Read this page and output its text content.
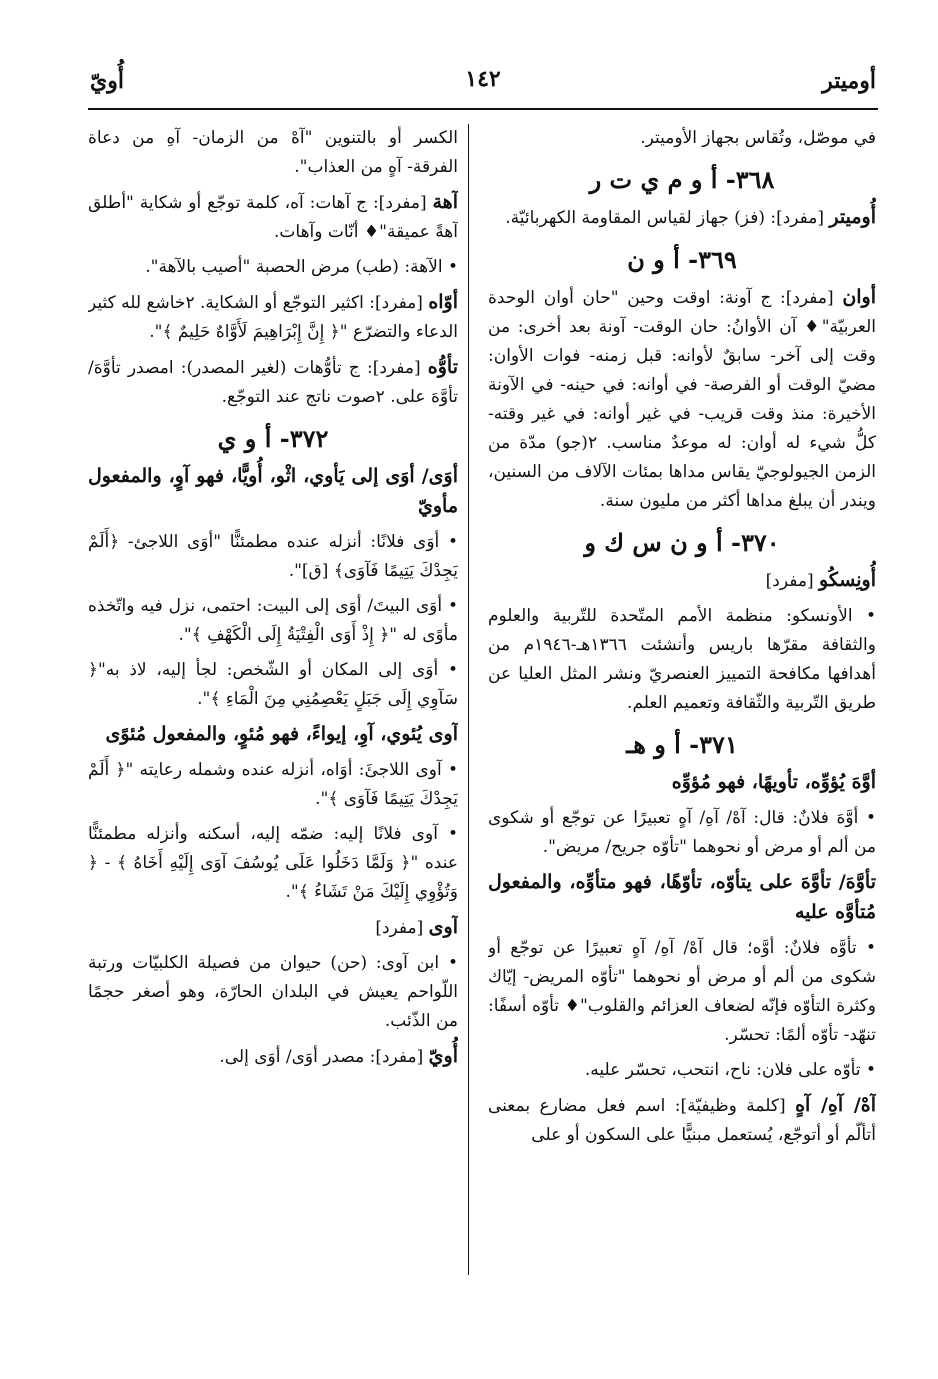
أوميتر
١٤٢
أُويّ
في موصّل، وتُقاس بجهاز الأوميتر.
٣٦٨- أ و م ي ت ر
أُوميتر [مفرد]: (فز) جهاز لقياس المقاومة الكهربائيّة.
٣٦٩- أ و ن
أوان [مفرد]: ج آونة: اوقت وحين "حان أوان الوحدة العربيّة"♦ آن الأوانُ: حان الوقت- آونة بعد أخرى: من وقت إلى آخر- سابقٌ لأوانه: قبل زمنه- فوات الأوان: مضيّ الوقت أو الفرصة- في أوانه: في حينه- في الآونة الأخيرة: منذ وقت قريب- في غير أوانه: في غير وقته- كلُّ شيء له أوان: له موعدٌ مناسب. ٢(جو) مدّة من الزمن الجيولوجيّ يقاس مداها بمئات الآلاف من السنين، ويندر أن يبلغ مداها أكثر من مليون سنة.
٣٧٠- أ و ن س ك و
أُونِسكُو [مفرد]
• الأونسكو: منظمة الأمم المتّحدة للتّربية والعلوم والثقافة مقرّها باريس وأنشئت ١٣٦٦هـ-١٩٤٦م من أهدافها مكافحة التمييز العنصريّ ونشر المثل العليا عن طريق التّربية والثّقافة وتعميم العلم.
٣٧١- أ و هـ
أوَّهَ يُؤوِّه، تأويهًا، فهو مُؤوِّه
• أوَّهَ فلانٌ: قال: آهْ/ آهِ/ آهٍ تعبيرًا عن توجّع أو شكوى من ألم أو مرض أو نحوهما "تأوّه جريح/ مريض".
تأوَّهَ/ تأوَّهَ على يتأوّه، تأوّهًا، فهو متأوِّه، والمفعول مُتأوَّه عليه
• تأوَّه فلانٌ: أوَّه؛ قال آهْ/ آهِ/ آهٍ تعبيرًا عن توجّع أو شكوى من ألم أو مرض أو نحوهما "تأوّه المريض- إيّاك وكثرة التأوّه فإنّه لضعاف العزائم والقلوب"♦ تأوّه أسفًا: تنهّد- تأوّه ألمًا: تحسّر.
• تأوّه على فلان: ناح، انتحب، تحسّر عليه.
آهْ/ آهِ/ آهٍ [كلمة وظيفيّة]: اسم فعل مضارع بمعنى أتألّم أو أتوجّع، يُستعمل مبنيًّا على السكون أو على
الكسر أو بالتنوين "آهْ من الزمان- آهِ من دعاة الفرقة- آهٍ من العذاب".
آهة [مفرد]: ج آهات: آه، كلمة توجّع أو شكاية "أطلق آهةً عميقة"♦ أنّات وآهات.
• الآهة: (طب) مرض الحصبة "أصيب بالآهة".
أوّاه [مفرد]: اكثير التوجّع أو الشكاية. ٢خاشع لله كثير الدعاء والتضرّع "﴿ إِنَّ إِبْرَاهِيمَ لَأَوَّاهٌ حَلِيمٌ ﴾".
تأوُّه [مفرد]: ج تأوُّهات (لغير المصدر): امصدر تأوَّهَ/ تأوَّهَ على. ٢صوت ناتج عند التوجّع.
٣٧٢- أ و ي
أوَى/ أوَى إلى يَأوي، اثْو، أُويًّا، فهو آوٍ، والمفعول مأويّ
• أوَى فلانًا: أنزله عنده مطمئنًّا "أوَى اللاجئ- ﴿أَلَمْ يَجِدْكَ يَتِيمًا فَآوَى﴾ [ق]".
• أوَى البيتَ/ أوَى إلى البيت: احتمى، نزل فيه واتّخذه مأوًى له "﴿ إِذْ أَوَى الْفِتْيَةُ إِلَى الْكَهْفِ ﴾".
• أوَى إلى المكان أو الشّخص: لجأ إليه، لاذ به"﴿ سَآوِي إِلَى جَبَلٍ يَعْصِمُنِي مِنَ الْمَاءِ ﴾".
آوى يُئوي، آوِ، إيواءً، فهو مُئوٍ، والمفعول مُئوًى
• آوى اللاجئَ: أوَاه، أنزله عنده وشمله رعايته "﴿ أَلَمْ يَجِدْكَ يَتِيمًا فَآوَى ﴾".
• آوى فلانًا إليه: ضمّه إليه، أسكنه وأنزله مطمئنًّا عنده "﴿ وَلَمَّا دَخَلُوا عَلَى يُوسُفَ آوَى إِلَيْهِ أَخَاهُ ﴾ - ﴿ وَتُؤْوِي إِلَيْكَ مَنْ تَشَاءُ ﴾".
آوى [مفرد]
• ابن آوى: (حن) حيوان من فصيلة الكلبيّات ورتبة اللّواحم يعيش في البلدان الحارّة، وهو أصغر حجمًا من الذّئب.
أُويّ [مفرد]: مصدر أوَى/ أوَى إلى.
